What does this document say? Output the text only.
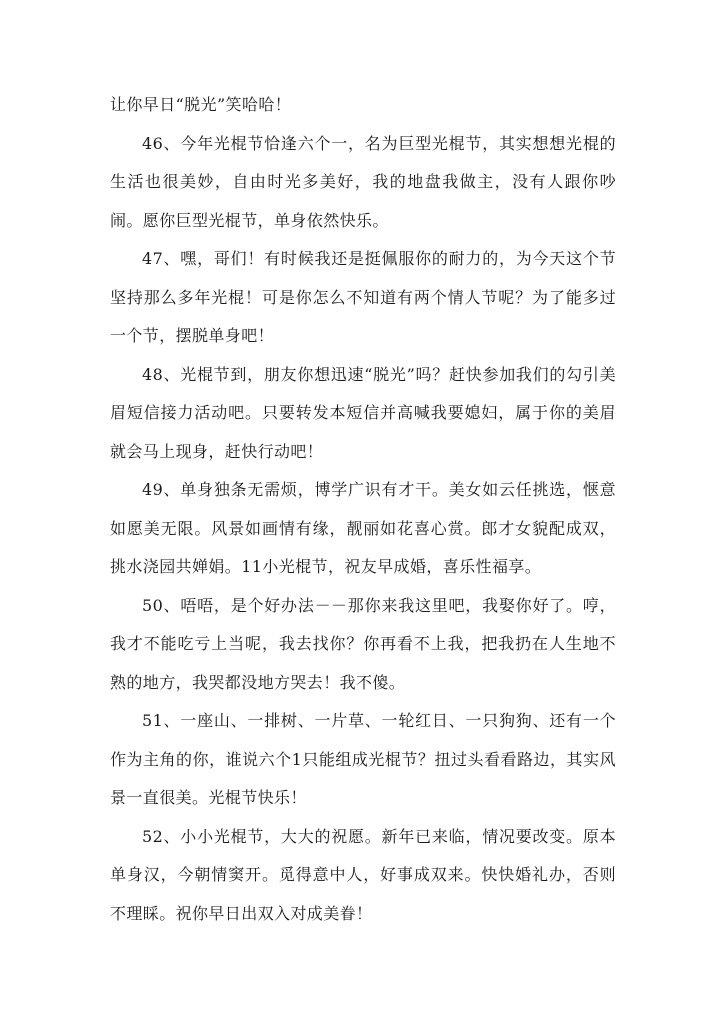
让你早日“脱光”笑哈哈！

46、今年光棍节恰逢六个一，名为巨型光棍节，其实想想光棍的生活也很美妙，自由时光多美好，我的地盘我做主，没有人跟你吵闹。愿你巨型光棍节，单身依然快乐。

47、嘿，哥们！有时候我还是挺佩服你的耐力的，为今天这个节坚持那么多年光棍！可是你怎么不知道有两个情人节呢？为了能多过一个节，摆脱单身吧！

48、光棍节到，朋友你想迅速“脱光”吗？赶快参加我们的勾引美眉短信接力活动吧。只要转发本短信并高喊我要媳妇，属于你的美眉就会马上现身，赶快行动吧！

49、单身独条无需烦，博学广识有才干。美女如云任挑选，惬意如愿美无限。风景如画情有缘，靓丽如花喜心赏。郎才女貌配成双，挑水浇园共婵娟。11小光棍节，祝友早成婚，喜乐性福享。

50、唔唔，是个好办法－－那你来我这里吧，我娶你好了。哼，我才不能吃亏上当呢，我去找你？你再看不上我，把我扔在人生地不熟的地方，我哭都没地方哭去！我不傻。

51、一座山、一排树、一片草、一轮红日、一只狗狗、还有一个作为主角的你，谁说六个1只能组成光棍节？扭过头看看路边，其实风景一直很美。光棍节快乐！

52、小小光棍节，大大的祝愿。新年已来临，情况要改变。原本单身汉，今朝情窦开。觅得意中人，好事成双来。快快婚礼办，否则不理睬。祝你早日出双入对成美眷！
